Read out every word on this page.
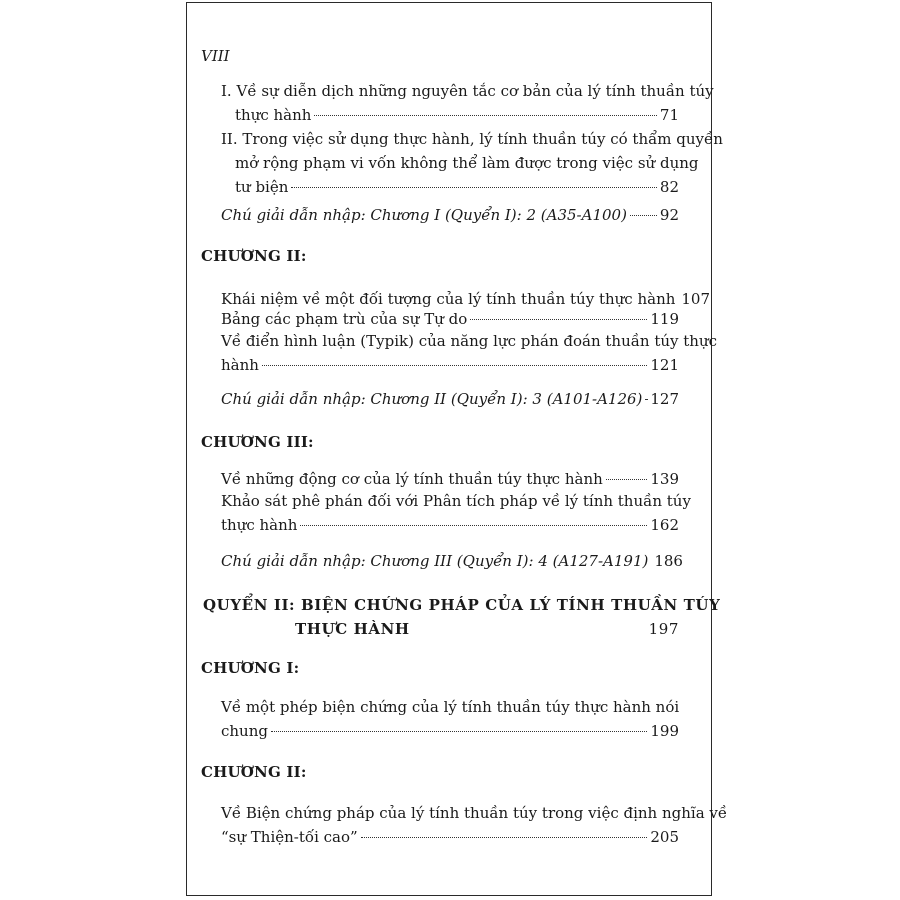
VIII
I.
Về sự diễn dịch những nguyên tắc cơ bản của lý tính thuần túy
thực hành	71
II.
Trong việc sử dụng thực hành, lý tính thuần túy có thẩm quyền
mở rộng phạm vi vốn không thể làm được trong việc sử dụng
tư biện	82
Chú giải dẫn nhập: Chương I (Quyển I): 2 (A35-A100) 92
CHƯƠNG II:
Khái niệm về một đối tượng của lý tính thuần túy thực hành 107
Bảng các phạm trù của sự Tự do	119
Về điển hình luận (Typik) của năng lực phán đoán thuần túy thực
hành	121
Chú giải dẫn nhập: Chương II (Quyển I): 3 (A101-A126) 127
CHƯƠNG III:
Về những động cơ của lý tính thuần túy thực hành	139
Khảo sát phê phán đối với Phân tích pháp về lý tính thuần túy
thực hành	162
Chú giải dẫn nhập: Chương III (Quyển I): 4 (A127-A191) 186
QUYỂN II: BIỆN CHỨNG PHÁP CỦA LÝ TÍNH THUẦN TÚY
THỰC HÀNH	197
CHƯƠNG I:
Về một phép biện chứng của lý tính thuần túy thực hành nói
chung	199
CHƯƠNG II:
Về Biện chứng pháp của lý tính thuần túy trong việc định nghĩa về
“sự Thiện-tối cao”	205
